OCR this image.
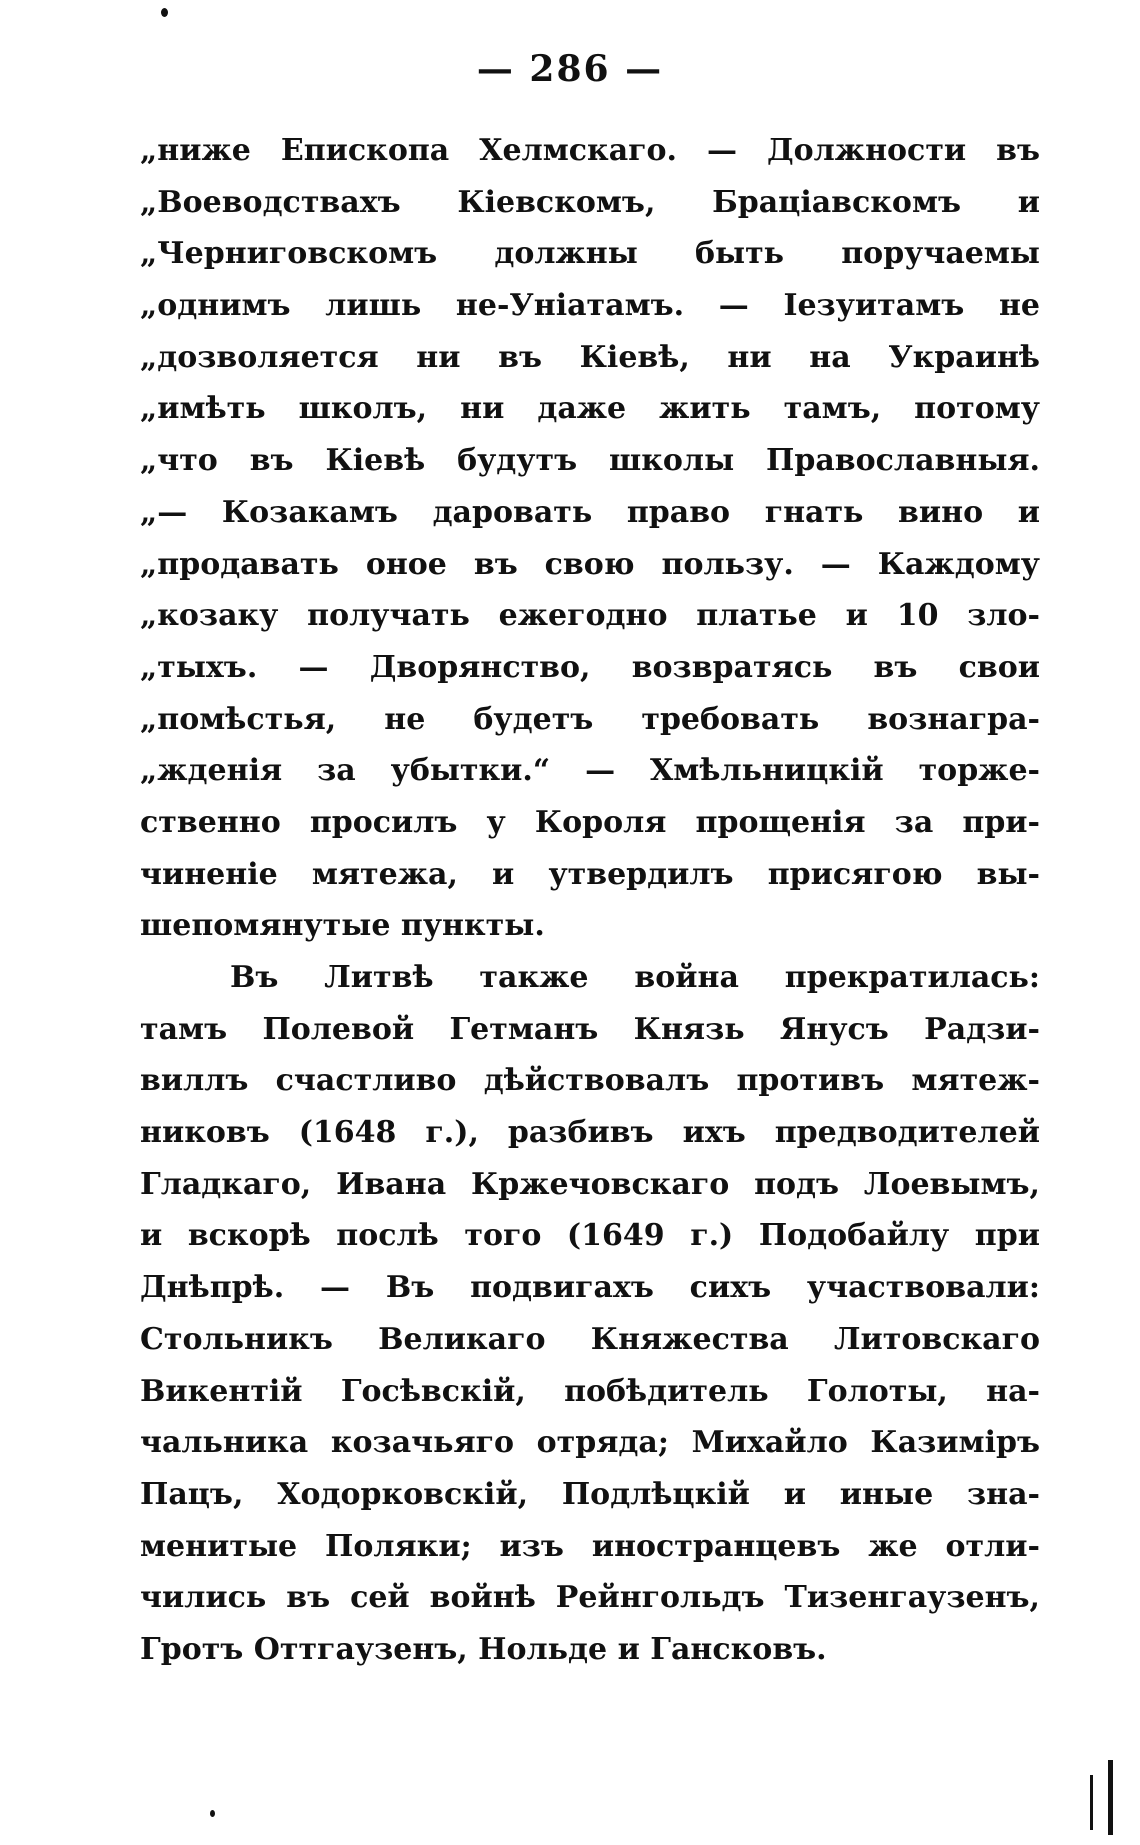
— 286 —
„ниже Епископа Хелмскаго. — Должности въ
„Воеводствахъ Кіевскомъ, Браціавскомъ и
„Черниговскомъ должны быть поручаемы
„однимъ лишь не-Уніатамъ. — Іезуитамъ не
„дозволяется ни въ Кіевѣ, ни на Украинѣ
„имѣть школъ, ни даже жить тамъ, потому
„что въ Кіевѣ будутъ школы Православныя.
„— Козакамъ даровать право гнать вино и
„продавать оное въ свою пользу. — Каждому
„козаку получать ежегодно платье и 10 зло-
„тыхъ. — Дворянство, возвратясь въ свои
„помѣстья, не будетъ требовать вознагра-
„жденія за убытки.“ — Хмѣльницкій торже-
ственно просилъ у Короля прощенія за при-
чиненіе мятежа, и утвердилъ присягою вы-
шепомянутые пункты.
Въ Литвѣ также война прекратилась:
тамъ Полевой Гетманъ Князь Янусъ Радзи-
виллъ счастливо дѣйствовалъ противъ мятеж-
никовъ (1648 г.), разбивъ ихъ предводителей
Гладкаго, Ивана Кржечовскаго подъ Лоевымъ,
и вскорѣ послѣ того (1649 г.) Подобайлу при
Днѣпрѣ. — Въ подвигахъ сихъ участвовали:
Стольникъ Великаго Княжества Литовскаго
Викентій Госѣвскій, побѣдитель Голоты, на-
чальника козачьяго отряда; Михайло Казиміръ
Пацъ, Ходорковскій, Подлѣцкій и иные зна-
менитые Поляки; изъ иностранцевъ же отли-
чились въ сей войнѣ Рейнгольдъ Тизенгаузенъ,
Гротъ Оттгаузенъ, Нольде и Гансковъ.
